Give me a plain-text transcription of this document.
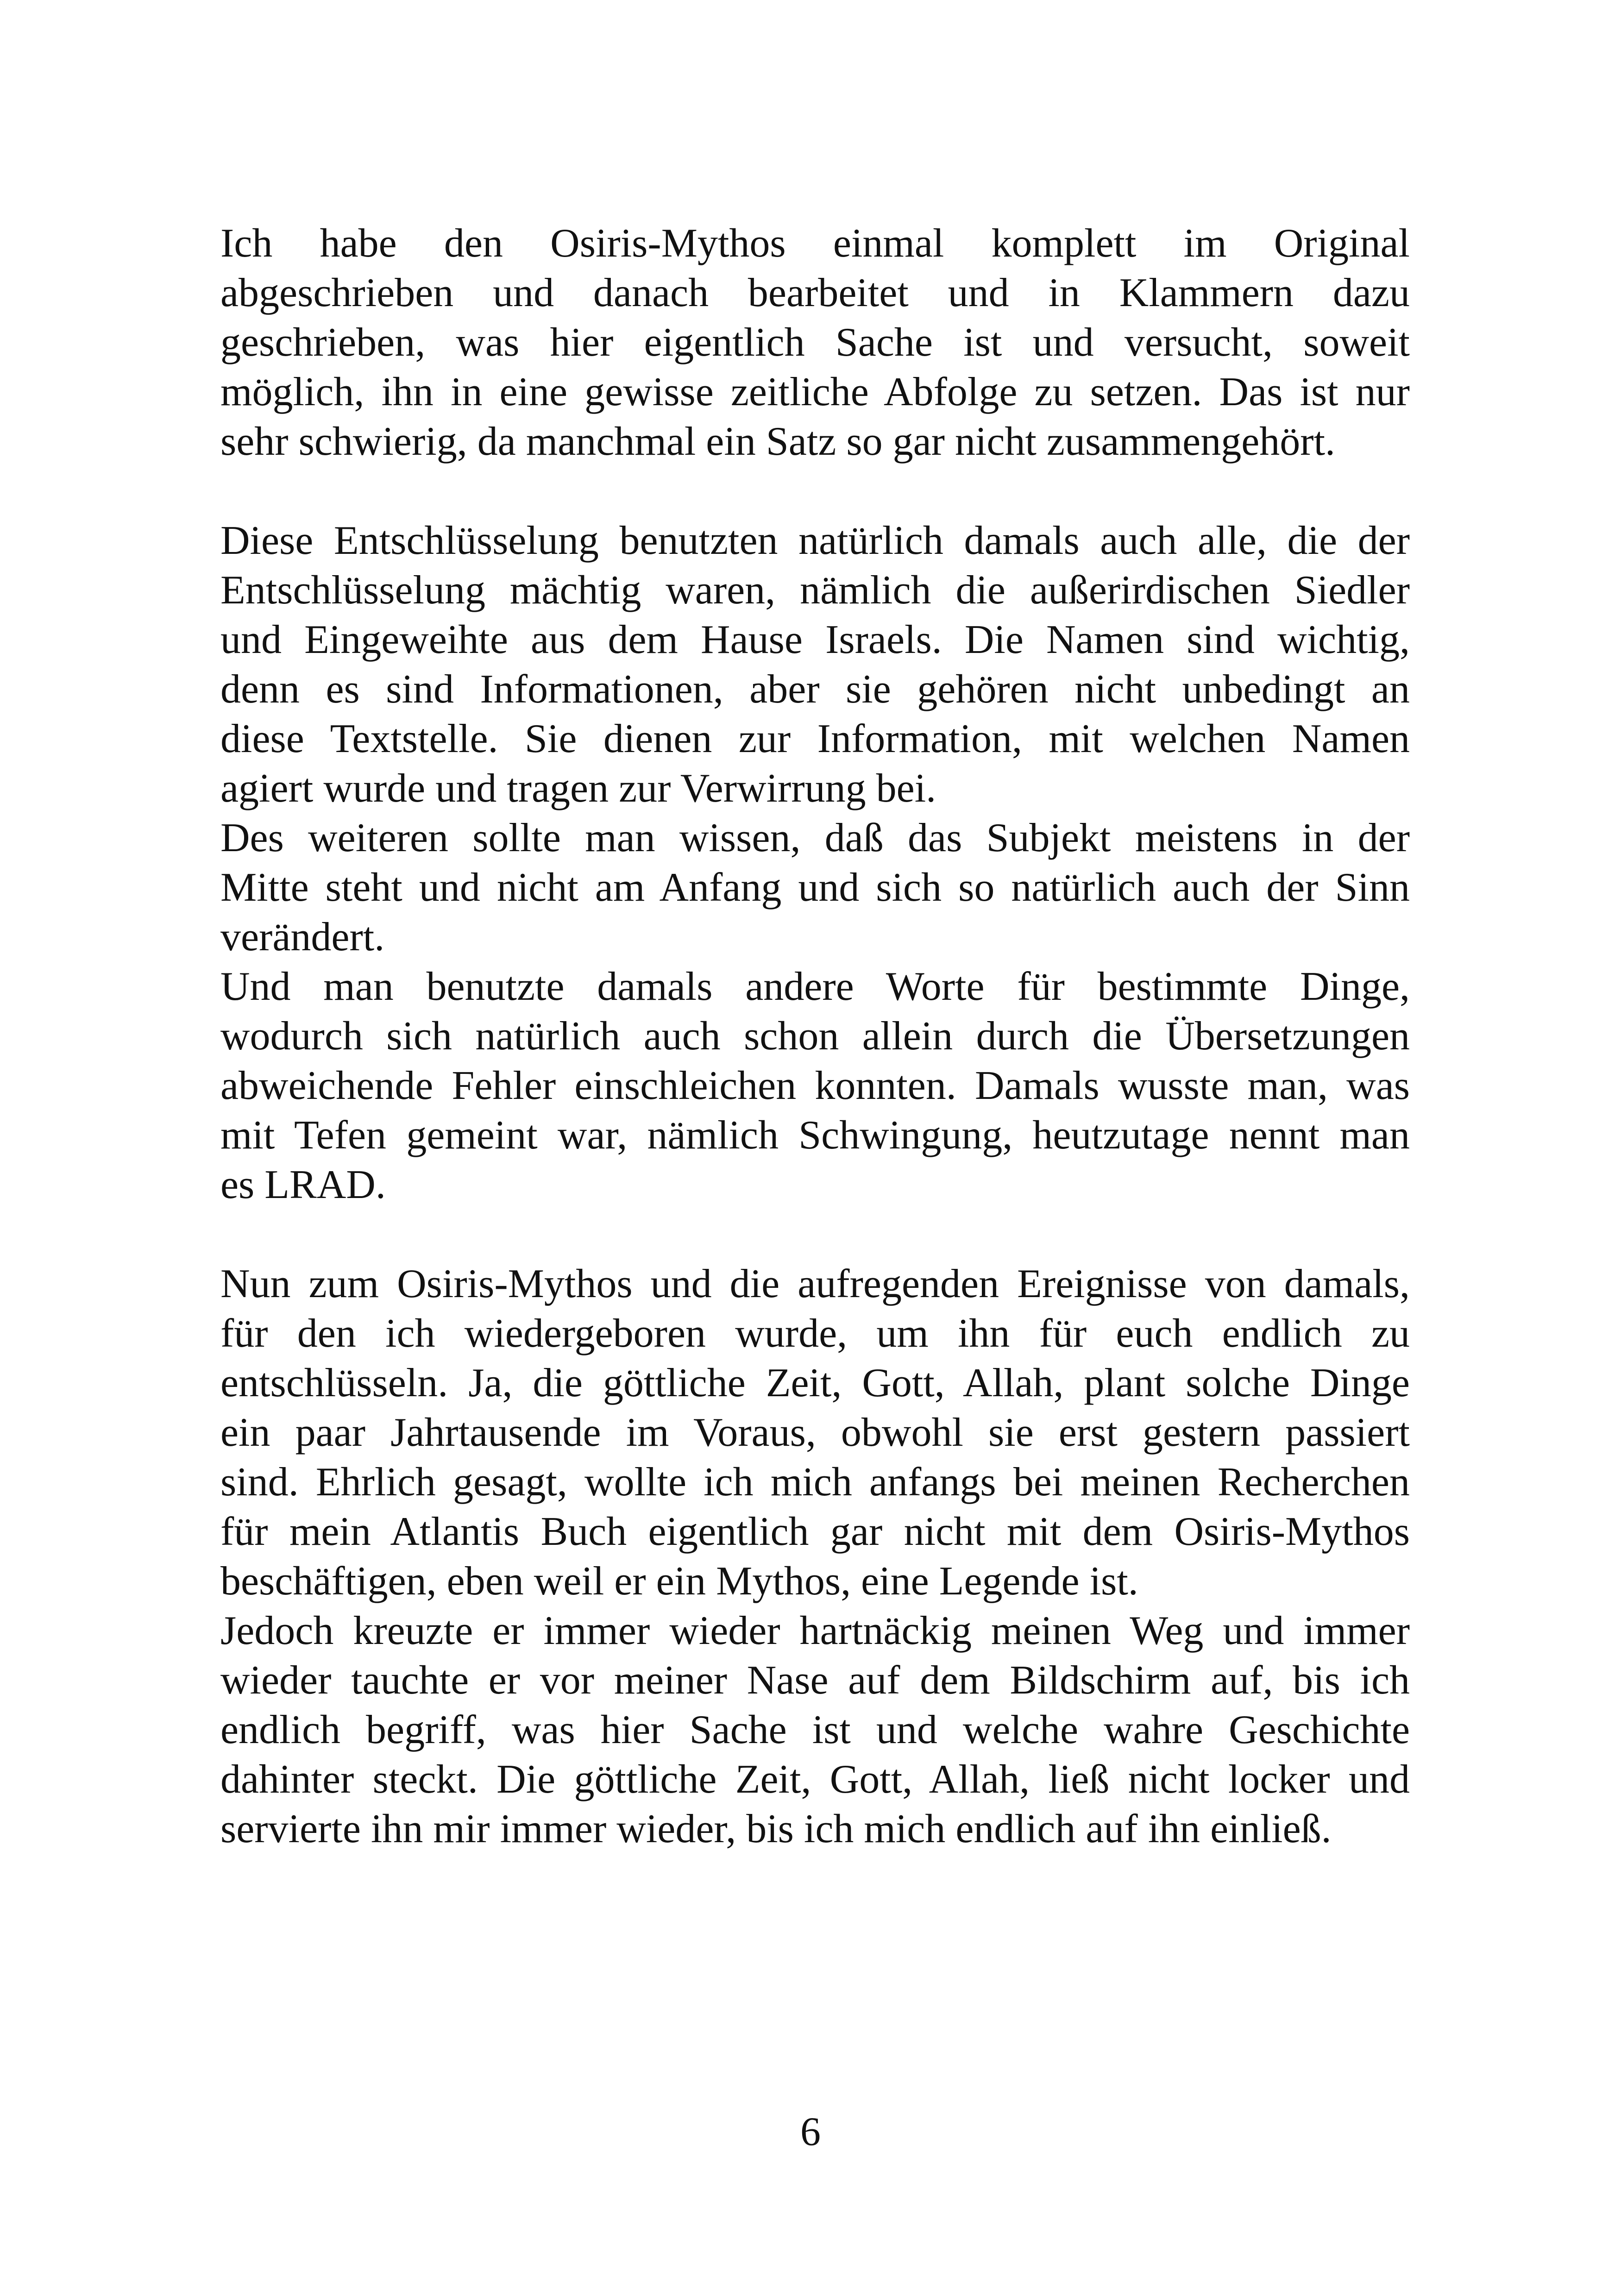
Ich habe den Osiris-Mythos einmal komplett im Original
abgeschrieben und danach bearbeitet und in Klammern dazu
geschrieben, was hier eigentlich Sache ist und versucht, soweit
möglich, ihn in eine gewisse zeitliche Abfolge zu setzen. Das ist nur
sehr schwierig, da manchmal ein Satz so gar nicht zusammengehört.
Diese Entschlüsselung benutzten natürlich damals auch alle, die der
Entschlüsselung mächtig waren, nämlich die außerirdischen Siedler
und Eingeweihte aus dem Hause Israels. Die Namen sind wichtig,
denn es sind Informationen, aber sie gehören nicht unbedingt an
diese Textstelle. Sie dienen zur Information, mit welchen Namen
agiert wurde und tragen zur Verwirrung bei.
Des weiteren sollte man wissen, daß das Subjekt meistens in der
Mitte steht und nicht am Anfang und sich so natürlich auch der Sinn
verändert.
Und man benutzte damals andere Worte für bestimmte Dinge,
wodurch sich natürlich auch schon allein durch die Übersetzungen
abweichende Fehler einschleichen konnten. Damals wusste man, was
mit Tefen gemeint war, nämlich Schwingung, heutzutage nennt man
es LRAD.
Nun zum Osiris-Mythos und die aufregenden Ereignisse von damals,
für den ich wiedergeboren wurde, um ihn für euch endlich zu
entschlüsseln. Ja, die göttliche Zeit, Gott, Allah, plant solche Dinge
ein paar Jahrtausende im Voraus, obwohl sie erst gestern passiert
sind. Ehrlich gesagt, wollte ich mich anfangs bei meinen Recherchen
für mein Atlantis Buch eigentlich gar nicht mit dem Osiris-Mythos
beschäftigen, eben weil er ein Mythos, eine Legende ist.
Jedoch kreuzte er immer wieder hartnäckig meinen Weg und immer
wieder tauchte er vor meiner Nase auf dem Bildschirm auf, bis ich
endlich begriff, was hier Sache ist und welche wahre Geschichte
dahinter steckt. Die göttliche Zeit, Gott, Allah, ließ nicht locker und
servierte ihn mir immer wieder, bis ich mich endlich auf ihn einließ.
6
